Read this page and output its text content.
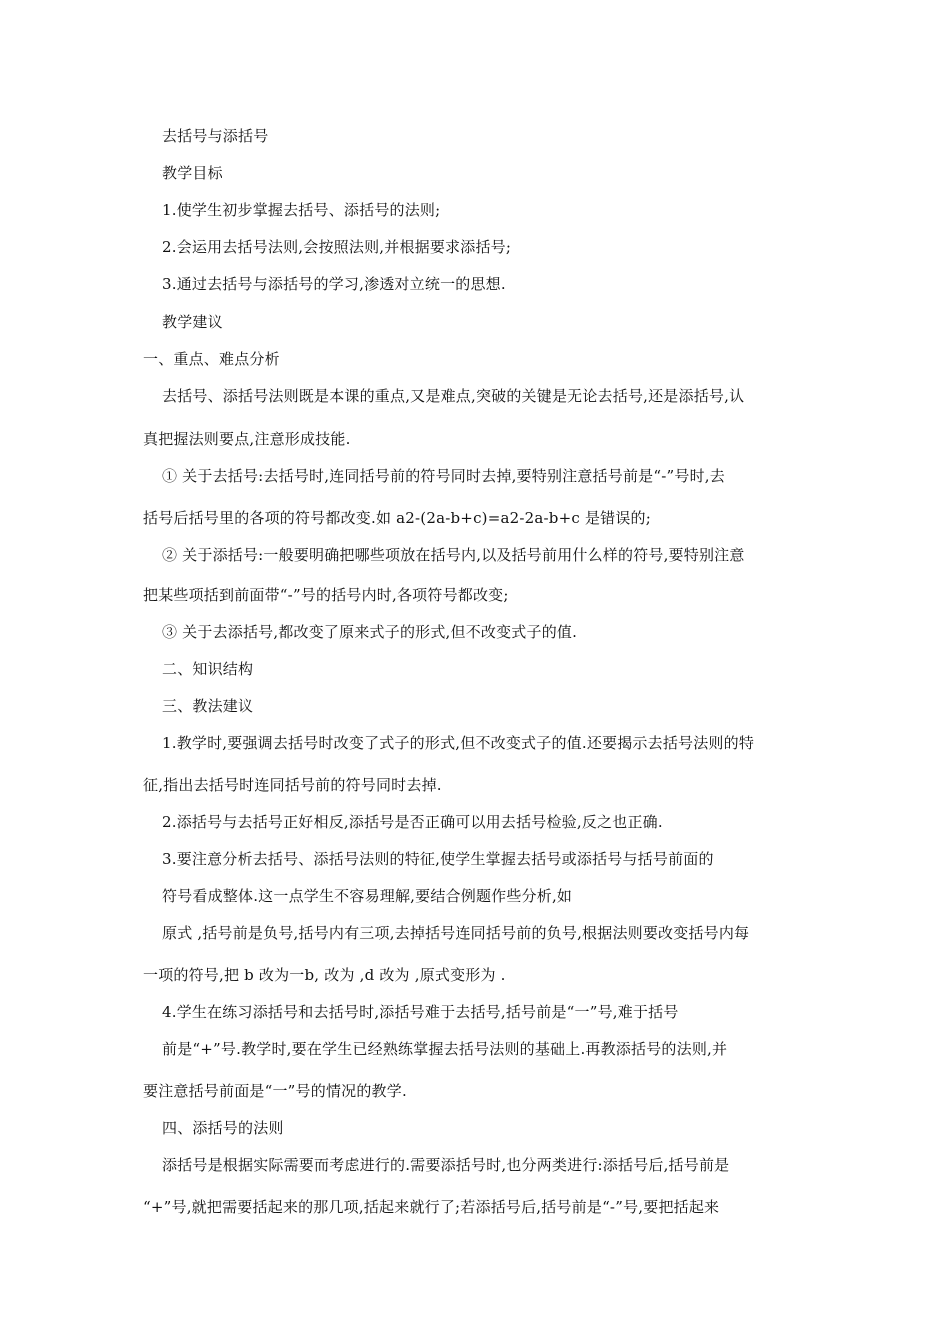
去括号与添括号
教学目标
1.使学生初步掌握去括号、添括号的法则;
2.会运用去括号法则,会按照法则,并根据要求添括号;
3.通过去括号与添括号的学习,渗透对立统一的思想.
教学建议
一、重点、难点分析
去括号、添括号法则既是本课的重点,又是难点,突破的关键是无论去括号,还是添括号,认
真把握法则要点,注意形成技能.
① 关于去括号:去括号时,连同括号前的符号同时去掉,要特别注意括号前是“-”号时,去
括号后括号里的各项的符号都改变.如 a2-(2a-b+c)=a2-2a-b+c 是错误的;
② 关于添括号:一般要明确把哪些项放在括号内,以及括号前用什么样的符号,要特别注意
把某些项括到前面带“-”号的括号内时,各项符号都改变;
③ 关于去添括号,都改变了原来式子的形式,但不改变式子的值.
二、知识结构
三、教法建议
1.教学时,要强调去括号时改变了式子的形式,但不改变式子的值.还要揭示去括号法则的特
征,指出去括号时连同括号前的符号同时去掉.
2.添括号与去括号正好相反,添括号是否正确可以用去括号检验,反之也正确.
3.要注意分析去括号、添括号法则的特征,使学生掌握去括号或添括号与括号前面的
符号看成整体.这一点学生不容易理解,要结合例题作些分析,如
原式 ,括号前是负号,括号内有三项,去掉括号连同括号前的负号,根据法则要改变括号内每
一项的符号,把 b 改为一b, 改为 ,d 改为 ,原式变形为 .
4.学生在练习添括号和去括号时,添括号难于去括号,括号前是“一”号,难于括号
前是“+”号.教学时,要在学生已经熟练掌握去括号法则的基础上.再教添括号的法则,并
要注意括号前面是“一”号的情况的教学.
四、添括号的法则
添括号是根据实际需要而考虑进行的.需要添括号时,也分两类进行:添括号后,括号前是
“+”号,就把需要括起来的那几项,括起来就行了;若添括号后,括号前是“-”号,要把括起来
